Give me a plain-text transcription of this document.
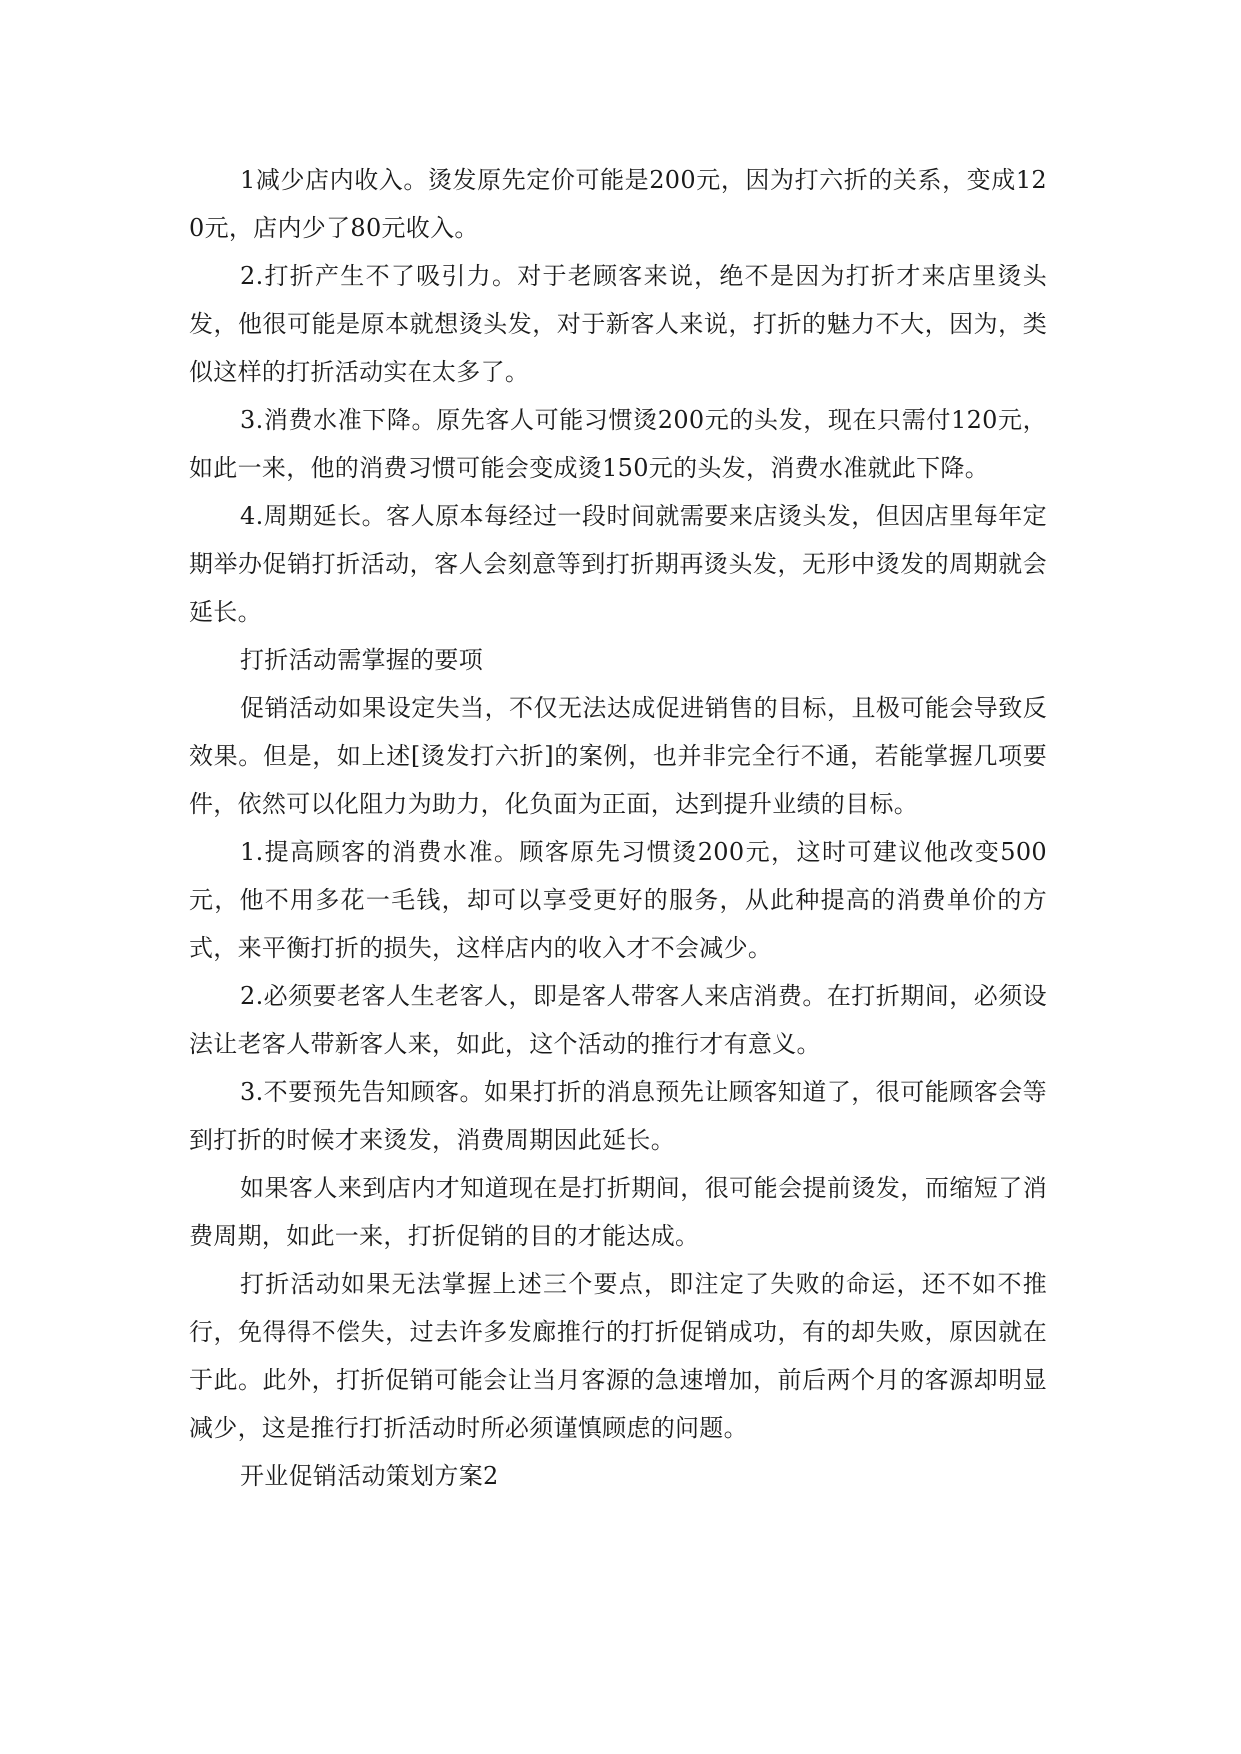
1减少店内收入。烫发原先定价可能是200元，因为打六折的关系，变成120元，店内少了80元收入。

2.打折产生不了吸引力。对于老顾客来说，绝不是因为打折才来店里烫头发，他很可能是原本就想烫头发，对于新客人来说，打折的魅力不大，因为，类似这样的打折活动实在太多了。

3.消费水准下降。原先客人可能习惯烫200元的头发，现在只需付120元，如此一来，他的消费习惯可能会变成烫150元的头发，消费水准就此下降。

4.周期延长。客人原本每经过一段时间就需要来店烫头发，但因店里每年定期举办促销打折活动，客人会刻意等到打折期再烫头发，无形中烫发的周期就会延长。

打折活动需掌握的要项

促销活动如果设定失当，不仅无法达成促进销售的目标，且极可能会导致反效果。但是，如上述[烫发打六折]的案例，也并非完全行不通，若能掌握几项要件，依然可以化阻力为助力，化负面为正面，达到提升业绩的目标。

1.提高顾客的消费水准。顾客原先习惯烫200元，这时可建议他改变500元，他不用多花一毛钱，却可以享受更好的服务，从此种提高的消费单价的方式，来平衡打折的损失，这样店内的收入才不会减少。

2.必须要老客人生老客人，即是客人带客人来店消费。在打折期间，必须设法让老客人带新客人来，如此，这个活动的推行才有意义。

3.不要预先告知顾客。如果打折的消息预先让顾客知道了，很可能顾客会等到打折的时候才来烫发，消费周期因此延长。

如果客人来到店内才知道现在是打折期间，很可能会提前烫发，而缩短了消费周期，如此一来，打折促销的目的才能达成。

打折活动如果无法掌握上述三个要点，即注定了失败的命运，还不如不推行，免得得不偿失，过去许多发廊推行的打折促销成功，有的却失败，原因就在于此。此外，打折促销可能会让当月客源的急速增加，前后两个月的客源却明显减少，这是推行打折活动时所必须谨慎顾虑的问题。

开业促销活动策划方案2
